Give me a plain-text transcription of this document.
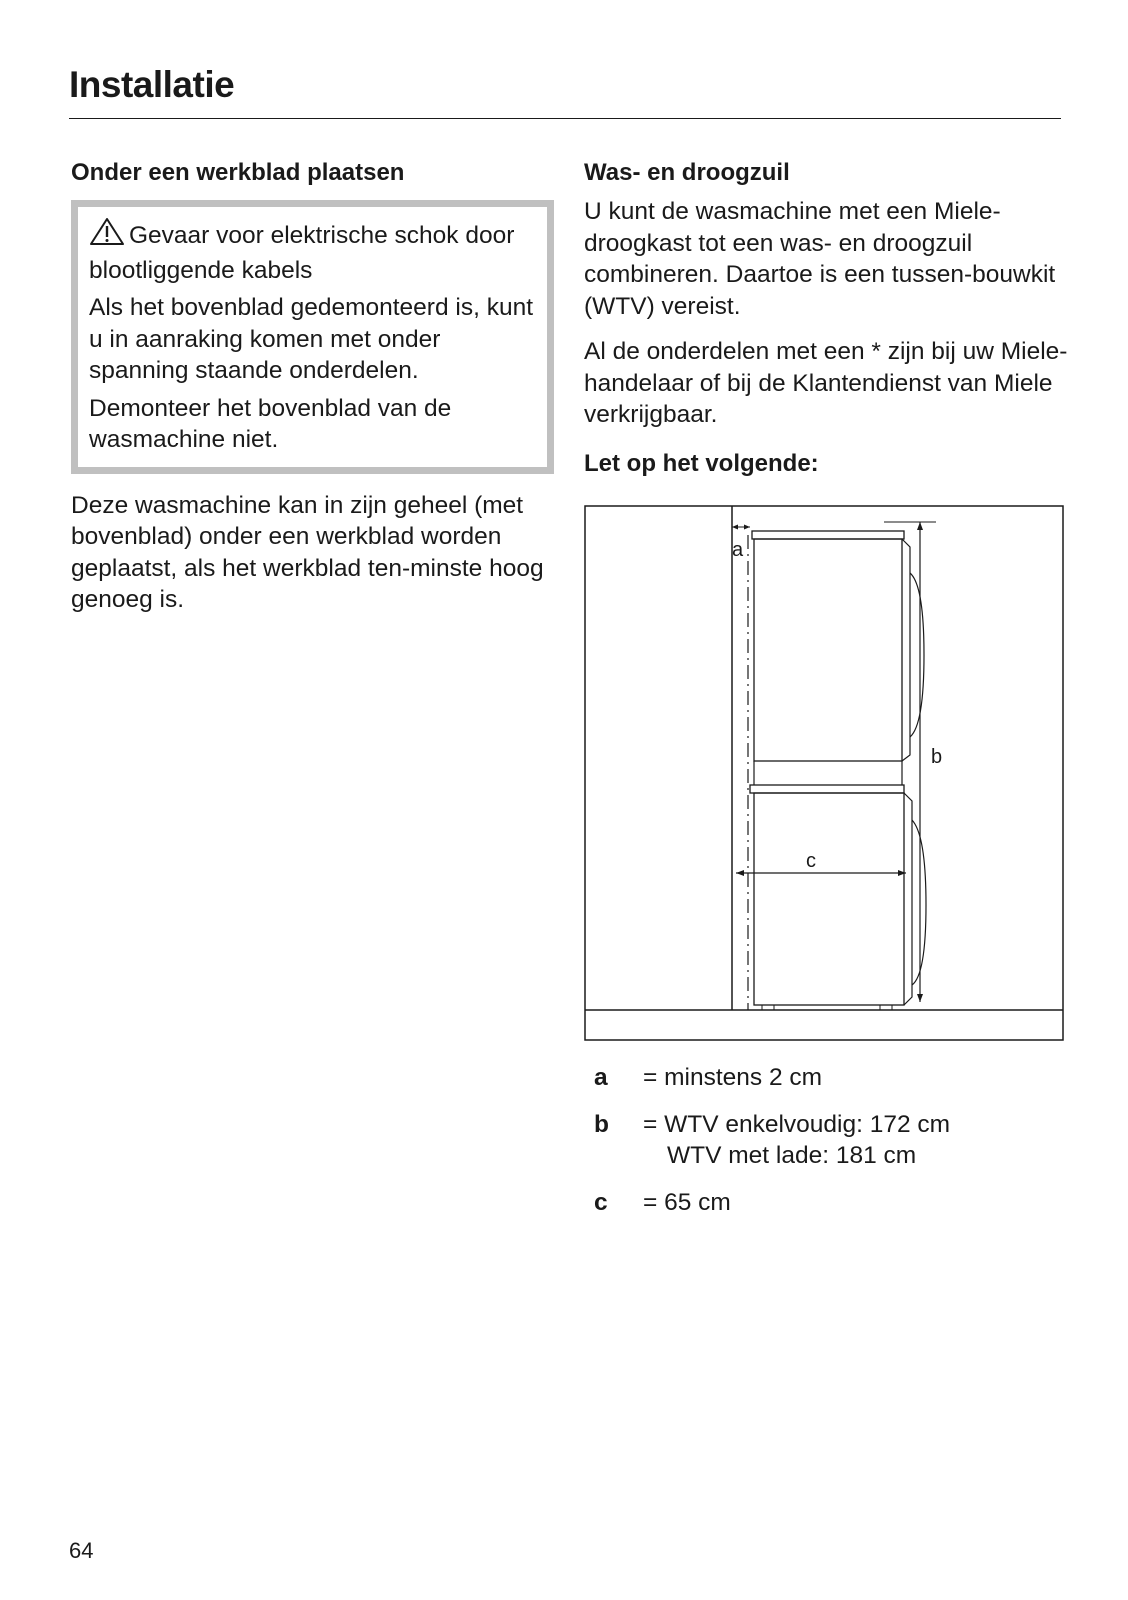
Installatie
Onder een werkblad plaatsen

Gevaar voor elektrische schok door blootliggende kabels

Als het bovenblad gedemonteerd is, kunt u in aanraking komen met onder spanning staande onderdelen.

Demonteer het bovenblad van de wasmachine niet.

Deze wasmachine kan in zijn geheel (met bovenblad) onder een werkblad worden geplaatst, als het werkblad ten-minste hoog genoeg is.

Was- en droogzuil

U kunt de wasmachine met een Miele-droogkast tot een was- en droogzuil combineren. Daartoe is een tussen-bouwkit (WTV) vereist.

Al de onderdelen met een * zijn bij uw Miele-handelaar of bij de Klantendienst van Miele verkrijgbaar.

Let op het volgende:
a
b
c
a	= minstens 2 cm
b	= WTV enkelvoudig: 172 cm
WTV met lade: 181 cm
c	= 65 cm
64
